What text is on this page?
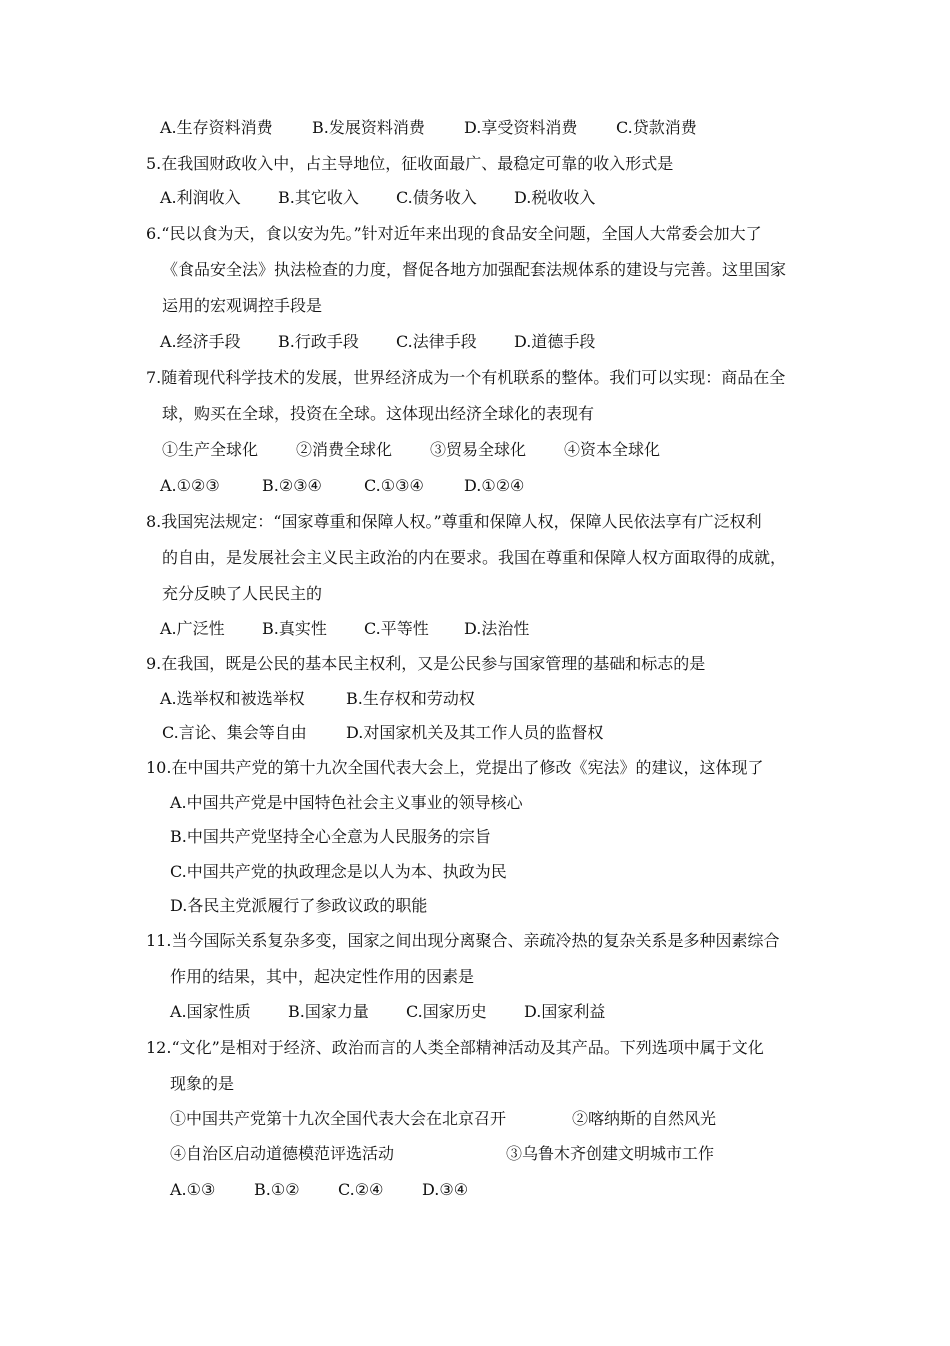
A.生存资料消费 B.发展资料消费 D.享受资料消费 C.贷款消费
5.在我国财政收入中，占主导地位，征收面最广、最稳定可靠的收入形式是
A.利润收入 B.其它收入 C.债务收入 D.税收收入
6.“民以食为天，食以安为先。”针对近年来出现的食品安全问题，全国人大常委会加大了
《食品安全法》执法检查的力度，督促各地方加强配套法规体系的建设与完善。这里国家
运用的宏观调控手段是
A.经济手段 B.行政手段 C.法律手段 D.道德手段
7.随着现代科学技术的发展，世界经济成为一个有机联系的整体。我们可以实现：商品在全
球，购买在全球，投资在全球。这体现出经济全球化的表现有
①生产全球化 ②消费全球化 ③贸易全球化 ④资本全球化
A.①②③	B.②③④	C.①③④	D.①②④
8.我国宪法规定：“国家尊重和保障人权。”尊重和保障人权，保障人民依法享有广泛权利
的自由，是发展社会主义民主政治的内在要求。我国在尊重和保障人权方面取得的成就，
充分反映了人民民主的
A.广泛性 B.真实性 C.平等性 D.法治性
9.在我国，既是公民的基本民主权利，又是公民参与国家管理的基础和标志的是
A.选举权和被选举权	B.生存权和劳动权
C.言论、集会等自由 D.对国家机关及其工作人员的监督权
10.在中国共产党的第十九次全国代表大会上，党提出了修改《宪法》的建议，这体现了
A.中国共产党是中国特色社会主义事业的领导核心
B.中国共产党坚持全心全意为人民服务的宗旨
C.中国共产党的执政理念是以人为本、执政为民
D.各民主党派履行了参政议政的职能
11.当今国际关系复杂多变，国家之间出现分离聚合、亲疏冷热的复杂关系是多种因素综合
作用的结果，其中，起决定性作用的因素是
A.国家性质 B.国家力量 C.国家历史 D.国家利益
12.“文化”是相对于经济、政治而言的人类全部精神活动及其产品。下列选项中属于文化
现象的是
①中国共产党第十九次全国代表大会在北京召开	②喀纳斯的自然风光
④自治区启动道德模范评选活动	③乌鲁木齐创建文明城市工作
A.①③ B.①② C.②④ D.③④
